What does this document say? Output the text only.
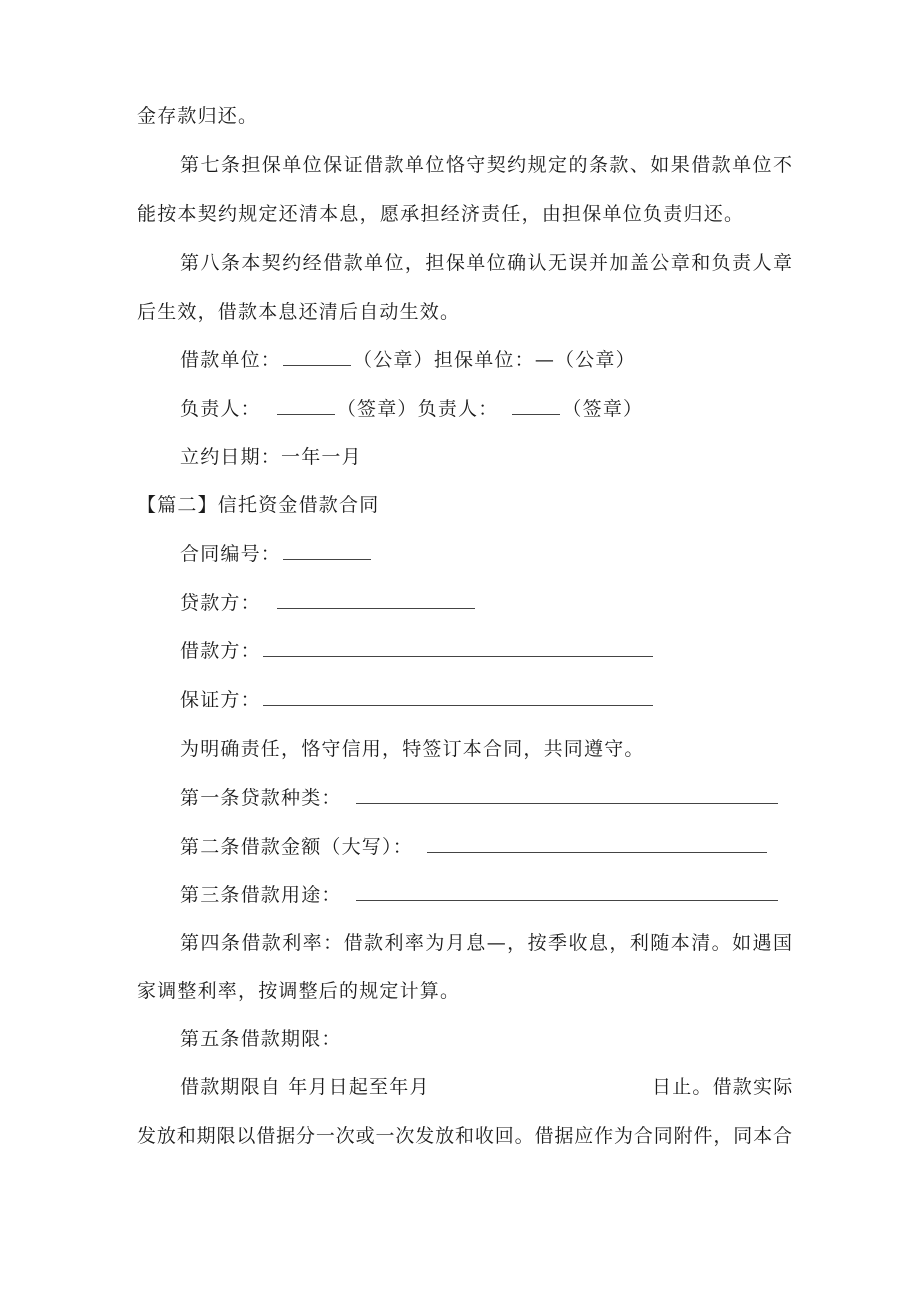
金存款归还。
第七条担保单位保证借款单位恪守契约规定的条款、如果借款单位不
能按本契约规定还清本息，愿承担经济责任，由担保单位负责归还。
第八条本契约经借款单位，担保单位确认无误并加盖公章和负责人章
后生效，借款本息还清后自动生效。
借款单位：	（公章）担保单位：—（公章）
负责人：	（签章）负责人：	（签章）
立约日期：一年一月
【篇二】信托资金借款合同
合同编号：
贷款方：
借款方：
保证方：
为明确责任，恪守信用，特签订本合同，共同遵守。
第一条贷款种类：
第二条借款金额（大写）：
第三条借款用途：
第四条借款利率：借款利率为月息—，按季收息，利随本清。如遇国
家调整利率，按调整后的规定计算。
第五条借款期限：
借款期限自 年月日起至年月	日止。借款实际
发放和期限以借据分一次或一次发放和收回。借据应作为合同附件，同本合
